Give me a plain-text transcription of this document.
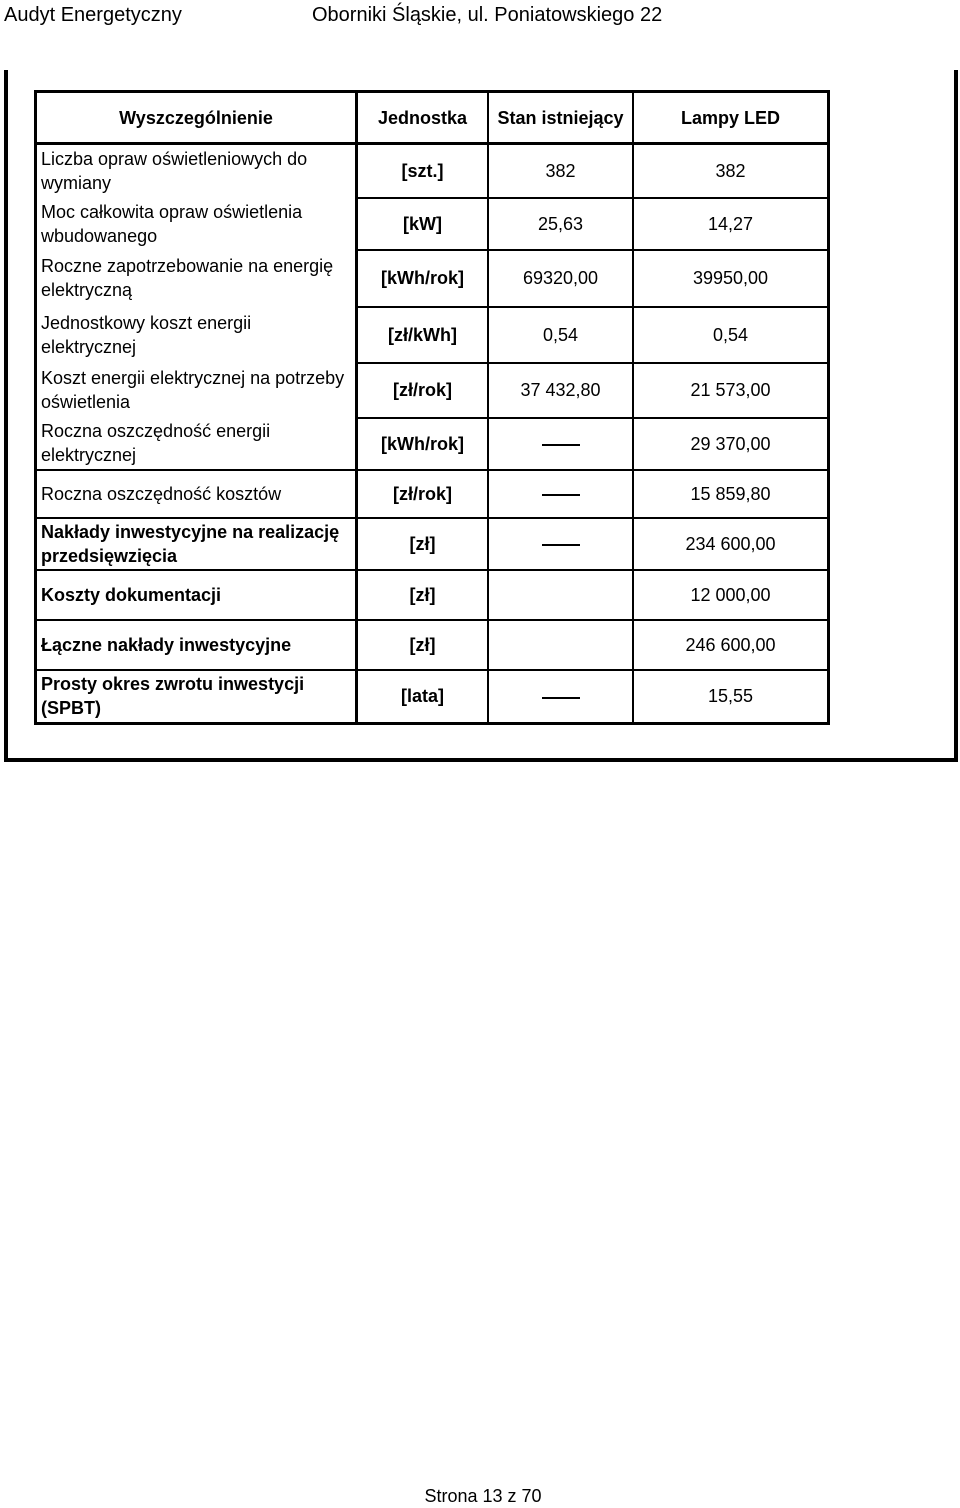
Audyt Energetyczny	Oborniki Śląskie, ul. Poniatowskiego 22
Wyszczególnienie	Jednostka	Stan istniejący	Lampy LED
Liczba opraw oświetleniowych do wymiany	[szt.]	382	382
Moc całkowita opraw oświetlenia wbudowanego	[kW]	25,63	14,27
Roczne zapotrzebowanie na energię elektryczną	[kWh/rok]	69320,00	39950,00
Jednostkowy koszt energii elektrycznej	[zł/kWh]	0,54	0,54
Koszt energii elektrycznej na potrzeby oświetlenia	[zł/rok]	37 432,80	21 573,00
Roczna oszczędność energii elektrycznej	[kWh/rok]		29 370,00
Roczna oszczędność kosztów	[zł/rok]		15 859,80
Nakłady inwestycyjne na realizację przedsięwzięcia	[zł]		234 600,00
Koszty dokumentacji	[zł]		12 000,00
Łączne nakłady inwestycyjne	[zł]		246 600,00
Prosty okres zwrotu inwestycji (SPBT)	[lata]		15,55
Strona 13 z 70
